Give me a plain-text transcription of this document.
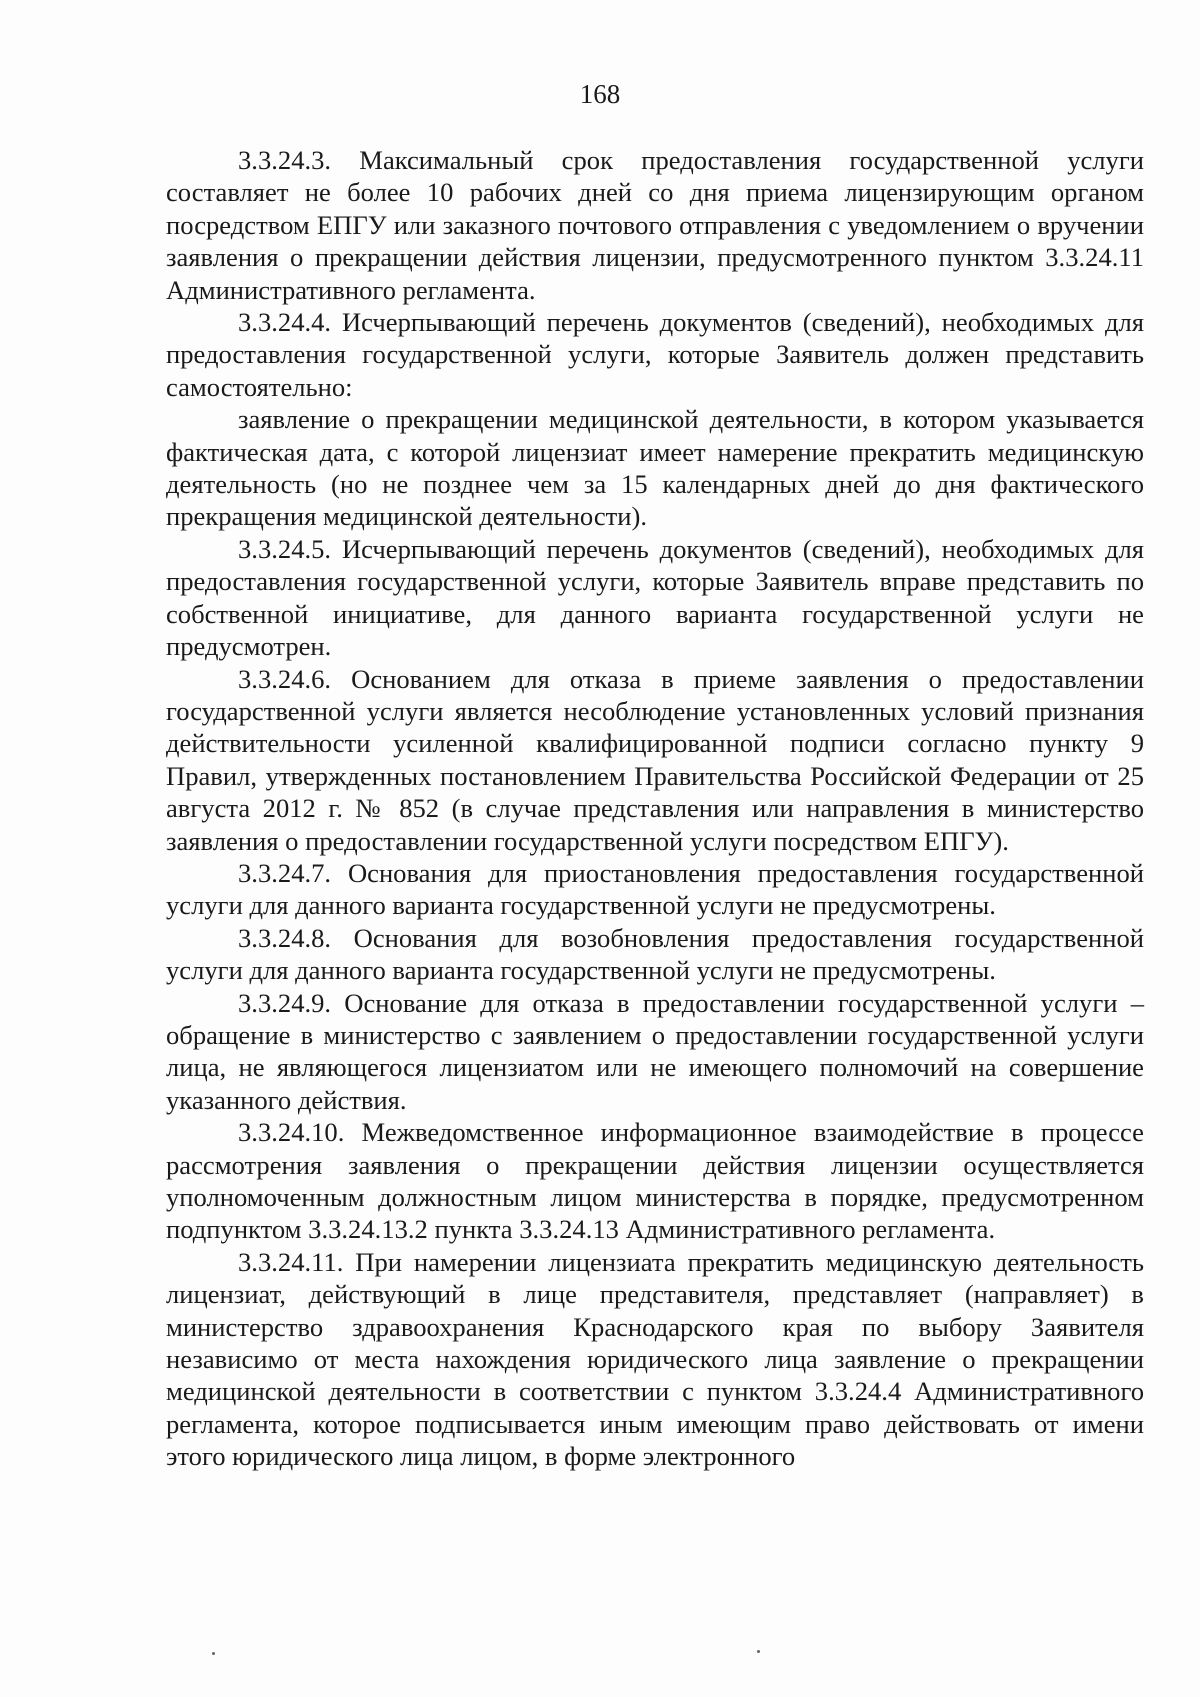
168

3.3.24.3. Максимальный срок предоставления государственной услуги составляет не более 10 рабочих дней со дня приема лицензирующим органом посредством ЕПГУ или заказного почтового отправления с уведомлением о вручении заявления о прекращении действия лицензии, предусмотренного пунктом 3.3.24.11 Административного регламента.

3.3.24.4. Исчерпывающий перечень документов (сведений), необходимых для предоставления государственной услуги, которые Заявитель должен представить самостоятельно:

заявление о прекращении медицинской деятельности, в котором указывается фактическая дата, с которой лицензиат имеет намерение прекратить медицинскую деятельность (но не позднее чем за 15 календарных дней до дня фактического прекращения медицинской деятельности).

3.3.24.5. Исчерпывающий перечень документов (сведений), необходимых для предоставления государственной услуги, которые Заявитель вправе представить по собственной инициативе, для данного варианта государственной услуги не предусмотрен.

3.3.24.6. Основанием для отказа в приеме заявления о предоставлении государственной услуги является несоблюдение установленных условий признания действительности усиленной квалифицированной подписи согласно пункту 9 Правил, утвержденных постановлением Правительства Российской Федерации от 25 августа 2012 г. № 852 (в случае представления или направления в министерство заявления о предоставлении государственной услуги посредством ЕПГУ).

3.3.24.7. Основания для приостановления предоставления государственной услуги для данного варианта государственной услуги не предусмотрены.

3.3.24.8. Основания для возобновления предоставления государственной услуги для данного варианта государственной услуги не предусмотрены.

3.3.24.9. Основание для отказа в предоставлении государственной услуги – обращение в министерство с заявлением о предоставлении государственной услуги лица, не являющегося лицензиатом или не имеющего полномочий на совершение указанного действия.

3.3.24.10. Межведомственное информационное взаимодействие в процессе рассмотрения заявления о прекращении действия лицензии осуществляется уполномоченным должностным лицом министерства в порядке, предусмотренном подпунктом 3.3.24.13.2 пункта 3.3.24.13 Административного регламента.

3.3.24.11. При намерении лицензиата прекратить медицинскую деятельность лицензиат, действующий в лице представителя, представляет (направляет) в министерство здравоохранения Краснодарского края по выбору Заявителя независимо от места нахождения юридического лица заявление о прекращении медицинской деятельности в соответствии с пунктом 3.3.24.4 Административного регламента, которое подписывается иным имеющим право действовать от имени этого юридического лица лицом, в форме электронного
